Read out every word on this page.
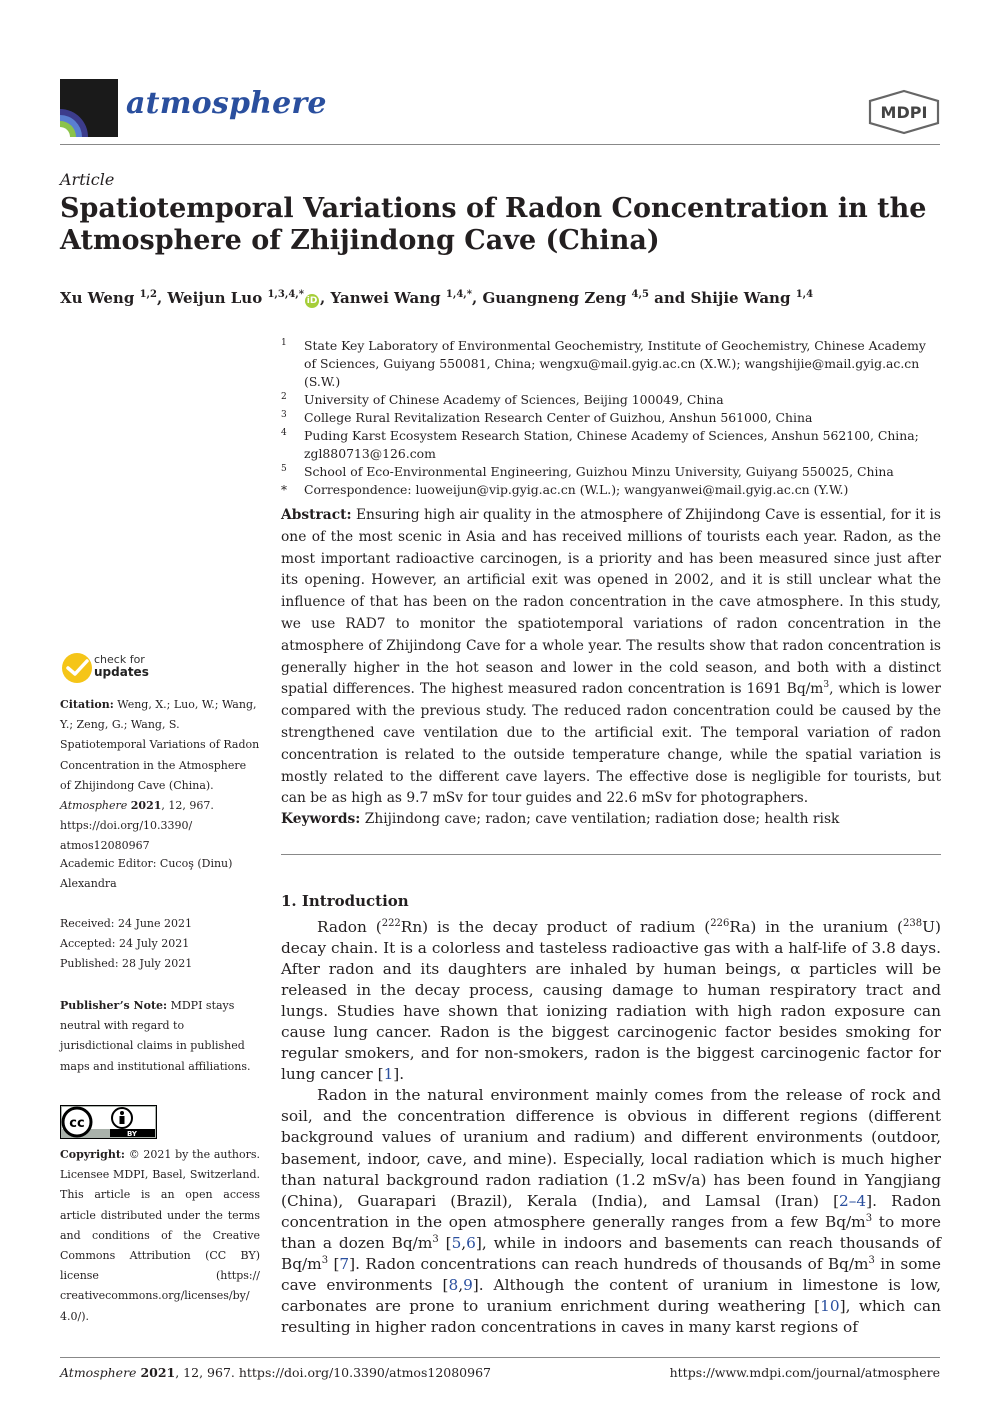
atmosphere	MDPI
Article
Spatiotemporal Variations of Radon Concentration in the Atmosphere of Zhijindong Cave (China)
Xu Weng $^{1,2}$, Weijun Luo $^{1,3,4,*}$iD , Yanwei Wang $^{1,4,*}$, Guangneng Zeng $^{4,5}$ and Shijie Wang $^{1,4}$
1 State Key Laboratory of Environmental Geochemistry, Institute of Geochemistry, Chinese Academy of Sciences, Guiyang 550081, China; wengxu@mail.gyig.ac.cn (X.W.); wangshijie@mail.gyig.ac.cn (S.W.)
2 University of Chinese Academy of Sciences, Beijing 100049, China
3 College Rural Revitalization Research Center of Guizhou, Anshun 561000, China
4 Puding Karst Ecosystem Research Station, Chinese Academy of Sciences, Anshun 562100, China; zgl880713@126.com
5 School of Eco-Environmental Engineering, Guizhou Minzu University, Guiyang 550025, China
* Correspondence: luoweijun@vip.gyig.ac.cn (W.L.); wangyanwei@mail.gyig.ac.cn (Y.W.)
Abstract: Ensuring high air quality in the atmosphere of Zhijindong Cave is essential, for it is one of the most scenic in Asia and has received millions of tourists each year. Radon, as the most important radioactive carcinogen, is a priority and has been measured since just after its opening. However, an artificial exit was opened in 2002, and it is still unclear what the influence of that has been on the radon concentration in the cave atmosphere. In this study, we use RAD7 to monitor the spatiotemporal variations of radon concentration in the atmosphere of Zhijindong Cave for a whole year. The results show that radon concentration is generally higher in the hot season and lower in the cold season, and both with a distinct spatial differences. The highest measured radon concentration is 1691 $Bq/m^3$, which is lower compared with the previous study. The reduced radon concentration could be caused by the strengthened cave ventilation due to the artificial exit. The temporal variation of radon concentration is related to the outside temperature change, while the spatial variation is mostly related to the different cave layers. The effective dose is negligible for tourists, but can be as high as 9.7 mSv for tour guides and 22.6 mSv for photographers.
Keywords: Zhijindong cave; radon; cave ventilation; radiation dose; health risk
1. Introduction

Radon ($^{222}$Rn) is the decay product of radium ($^{226}$Ra) in the uranium ($^{238}$U) decay chain. It is a colorless and tasteless radioactive gas with a half-life of 3.8 days. After radon and its daughters are inhaled by human beings, α particles will be released in the decay process, causing damage to human respiratory tract and lungs. Studies have shown that ionizing radiation with high radon exposure can cause lung cancer. Radon is the biggest carcinogenic factor besides smoking for regular smokers, and for non-smokers, radon is the biggest carcinogenic factor for lung cancer [1].

Radon in the natural environment mainly comes from the release of rock and soil, and the concentration difference is obvious in different regions (different background values of uranium and radium) and different environments (outdoor, basement, indoor, cave, and mine). Especially, local radiation which is much higher than natural background radon radiation (1.2 mSv/a) has been found in Yangjiang (China), Guarapari (Brazil), Kerala (India), and Lamsal (Iran) [2–4]. Radon concentration in the open atmosphere generally ranges from a few $Bq/m^3$ to more than a dozen $Bq/m^3$ [5,6], while in indoors and basements can reach thousands of $Bq/m^3$ [7]. Radon concentrations can reach hundreds of thousands of $Bq/m^3$ in some cave environments [8,9]. Although the content of uranium in limestone is low, carbonates are prone to uranium enrichment during weathering [10], which can resulting in higher radon concentrations in caves in many karst regions of

check for
updates
Citation: Weng, X.; Luo, W.; Wang, Y.; Zeng, G.; Wang, S. Spatiotemporal Variations of Radon Concentration in the Atmosphere of Zhijindong Cave (China). Atmosphere 2021, 12, 967. https://doi.org/10.3390/ atmos12080967
Academic Editor: Cucoş (Dinu) Alexandra
Received: 24 June 2021
Accepted: 24 July 2021
Published: 28 July 2021
Publisher’s Note: MDPI stays neutral with regard to jurisdictional claims in published maps and institutional affiliations.
cc
BY
Copyright: © 2021 by the authors. Licensee MDPI, Basel, Switzerland. This article is an open access article distributed under the terms and conditions of the Creative Commons Attribution (CC BY) license (https:// creativecommons.org/licenses/by/ 4.0/).
Atmosphere 2021, 12, 967. https://doi.org/10.3390/atmos12080967	https://www.mdpi.com/journal/atmosphere
